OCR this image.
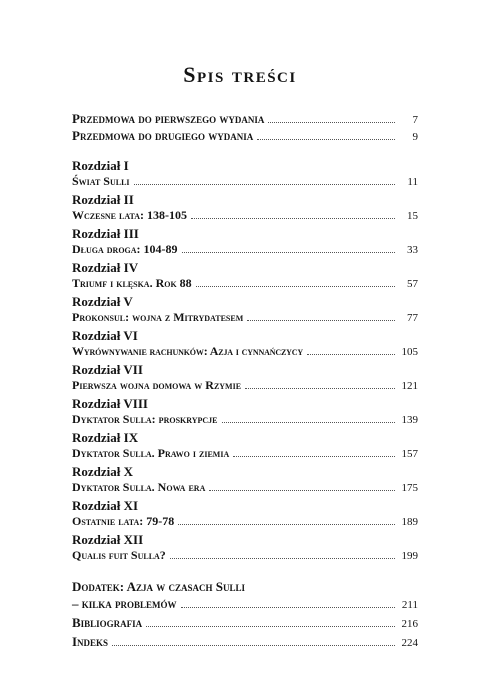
Spis treści
Przedmowa do pierwszego wydania	7
Przedmowa do drugiego wydania	9
Rozdział I
Świat Sulli	11
Rozdział II
Wczesne lata: 138-105	15
Rozdział III
Długa droga: 104-89	33
Rozdział IV
Triumf i klęska. Rok 88	57
Rozdział V
Prokonsul: wojna z Mitrydatesem	77
Rozdział VI
Wyrównywanie rachunków: Azja i cynnańczycy	105
Rozdział VII
Pierwsza wojna domowa w Rzymie	121
Rozdział VIII
Dyktator Sulla: proskrypcje	139
Rozdział IX
Dyktator Sulla. Prawo i ziemia	157
Rozdział X
Dyktator Sulla. Nowa era	175
Rozdział XI
Ostatnie lata: 79-78	189
Rozdział XII
Qualis fuit Sulla?	199
Dodatek: Azja w czasach Sulli
– kilka problemów	211
Bibliografia	216
Indeks	224
